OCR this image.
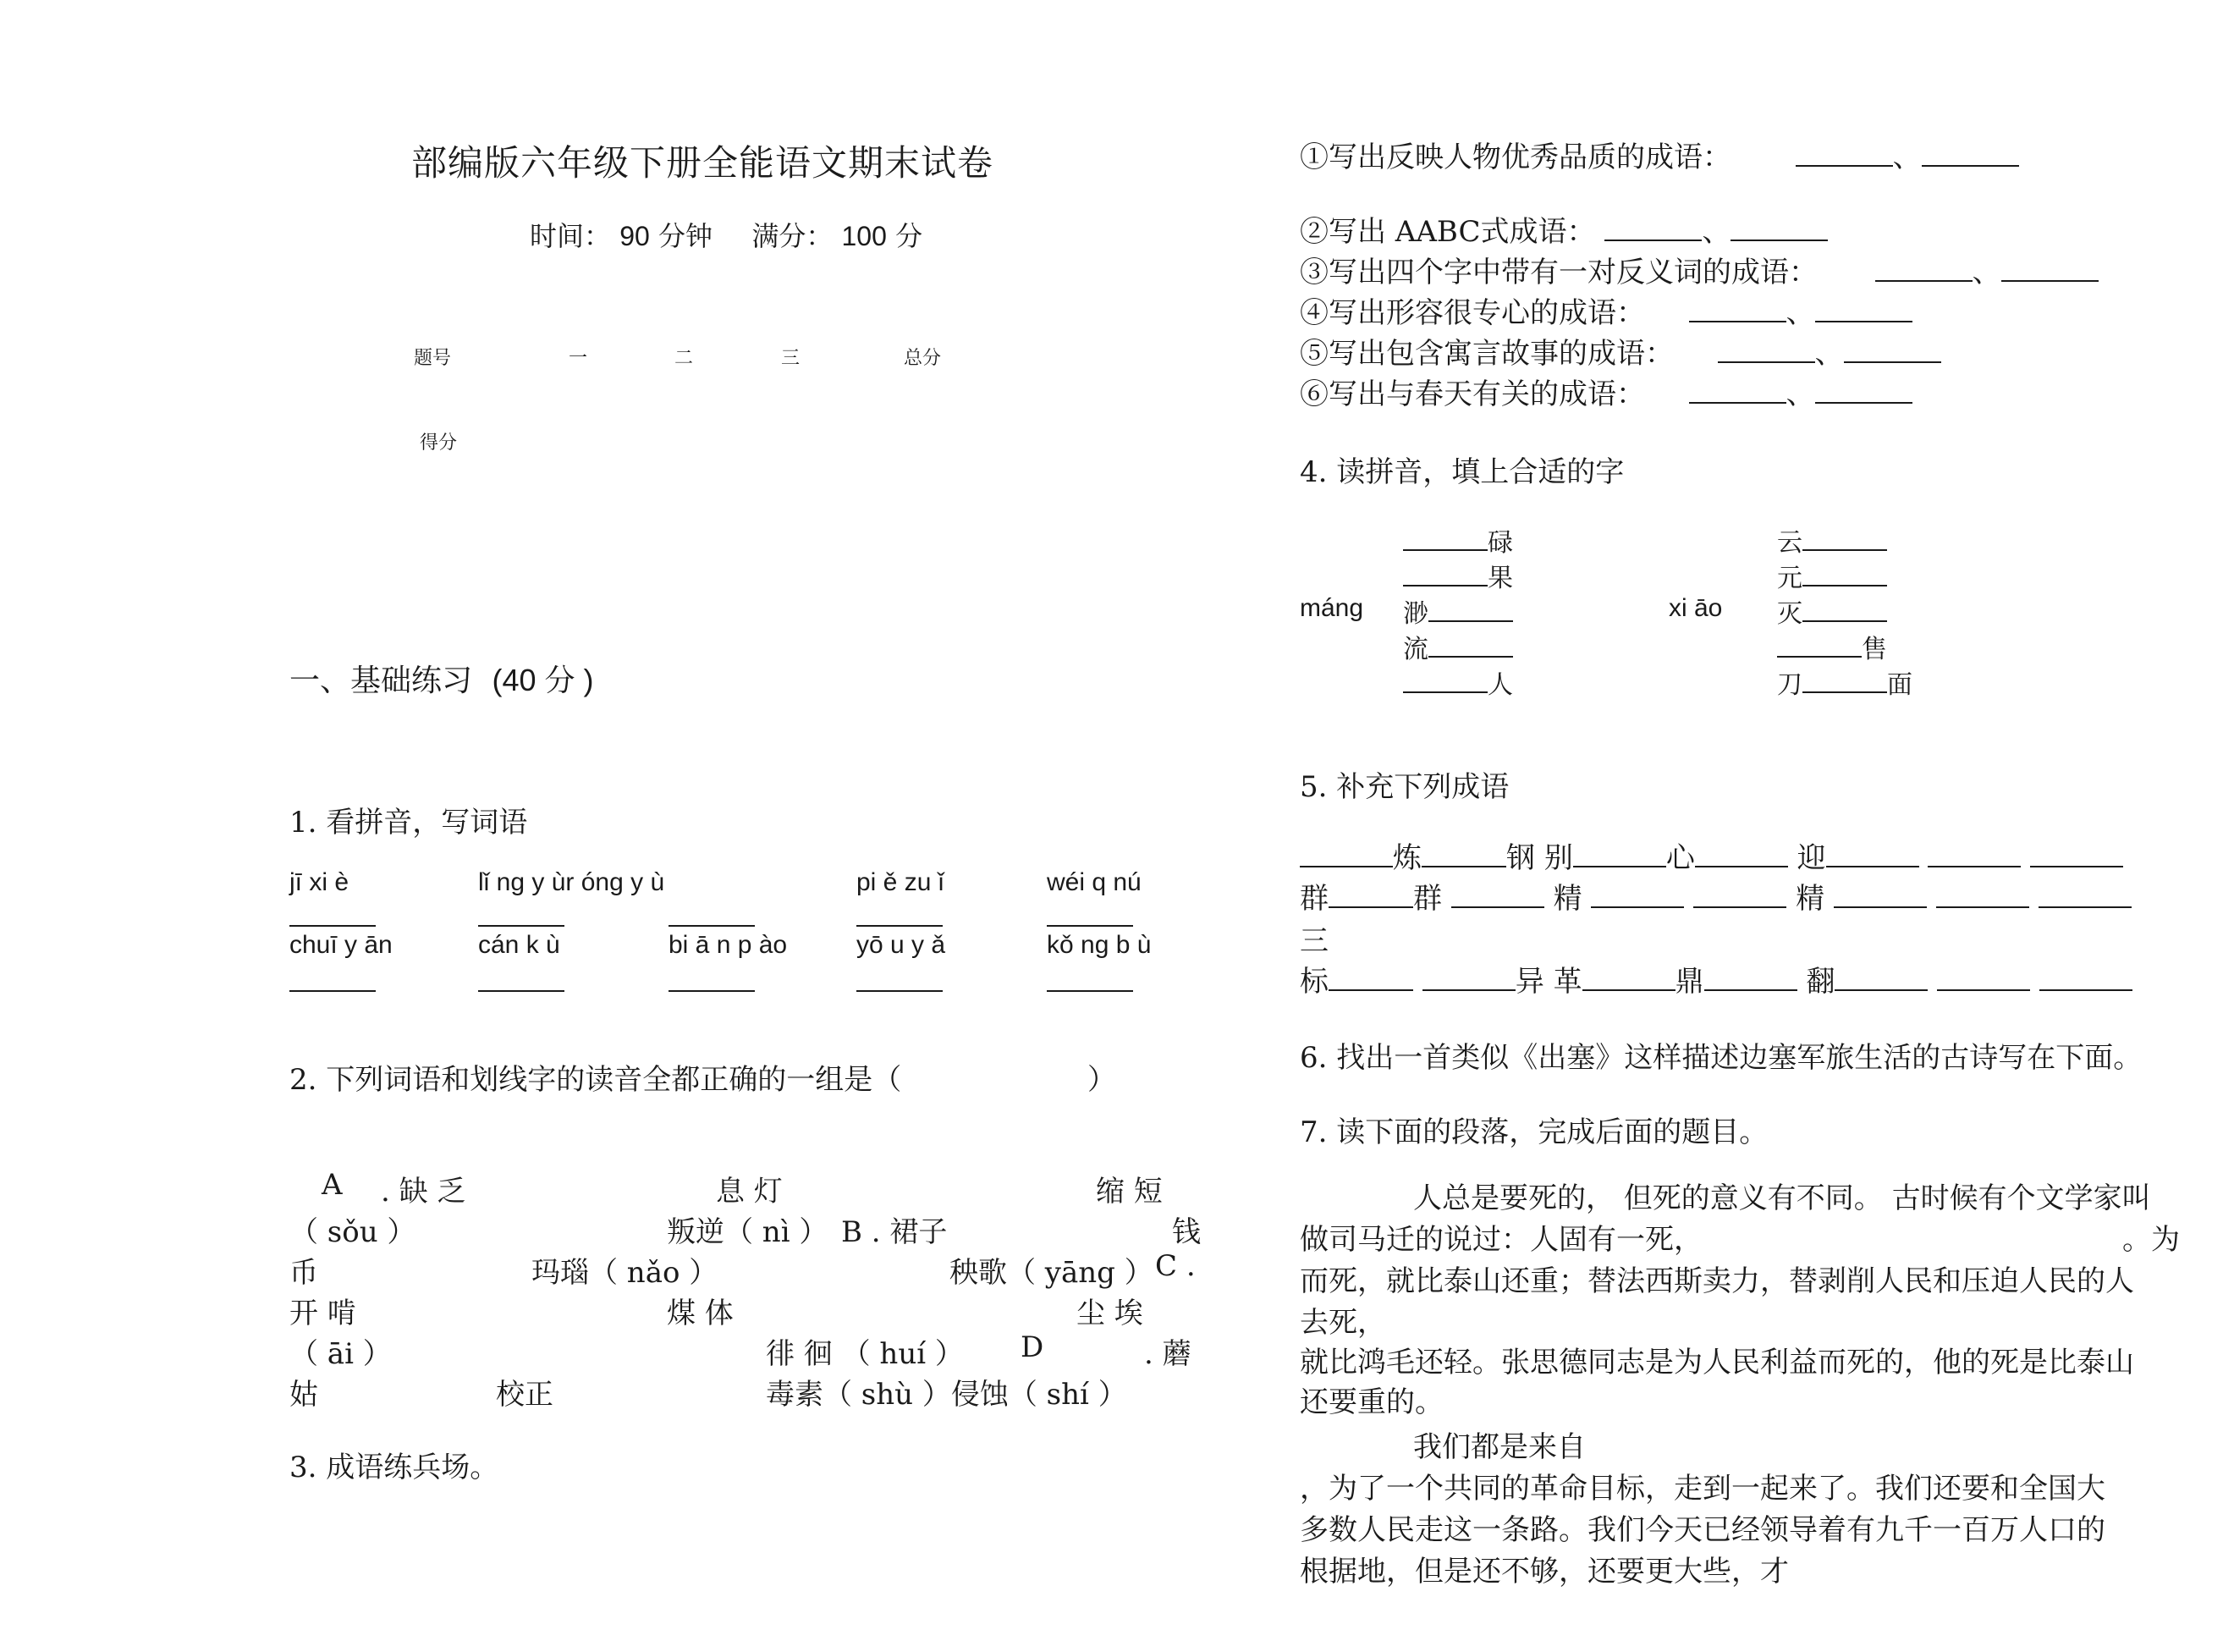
部编版六年级下册全能语文期末试卷
时间： 90 分钟 满分： 100 分
题号	一	二	三	总分
得分
一、基础练习 (40 分 )
1. 看拼音，写词语
jī xi è	lǐ ng y ùr óng y ù	pi ě zu ǐ	wéi q nú
chuī y ān	cán k ù	bi ā n p ào	yō u y ǎ	kǒ ng b ù
2. 下列词语和划线字的读音全都正确的一组是（	）
A . 缺 乏	息 灯	缩 短
（ sǒu ）	叛逆（ nì ） B . 裙子	钱
币	玛瑙（ nǎo ）	秧歌（ yāng ） C .
开 啃	煤 体	尘 埃
（ āi ）	徘 徊 （ huí ） D	. 蘑
姑	校正	毒素（ shù ）侵蚀（ shí ）
3. 成语练兵场。
①写出反映人物优秀品质的成语：	、
②写出 AABC式成语：	、
③写出四个字中带有一对反义词的成语：	、
④写出形容很专心的成语：	、
⑤写出包含寓言故事的成语：	、
⑥写出与春天有关的成语：	、
4. 读拼音，填上合适的字
máng
碌
果
渺
流
人
xi āo
云
元
灭
售
刀	面
5. 补充下列成语
炼	钢 别	心	迎
群	群	精	精
三
标	异 革	鼎	翻
6. 找出一首类似《出塞》这样描述边塞军旅生活的古诗写在下面。
7. 读下面的段落，完成后面的题目。
人总是要死的， 但死的意义有不同。 古时候有个文学家叫
做司马迁的说过：人固有一死，	。为
而死，就比泰山还重；替法西斯卖力，替剥削人民和压迫人民的人
去死，
就比鸿毛还轻。张思德同志是为人民利益而死的，他的死是比泰山
还要重的。
我们都是来自
，为了一个共同的革命目标，走到一起来了。我们还要和全国大
多数人民走这一条路。我们今天已经领导着有九千一百万人口的
根据地，但是还不够，还要更大些，才
